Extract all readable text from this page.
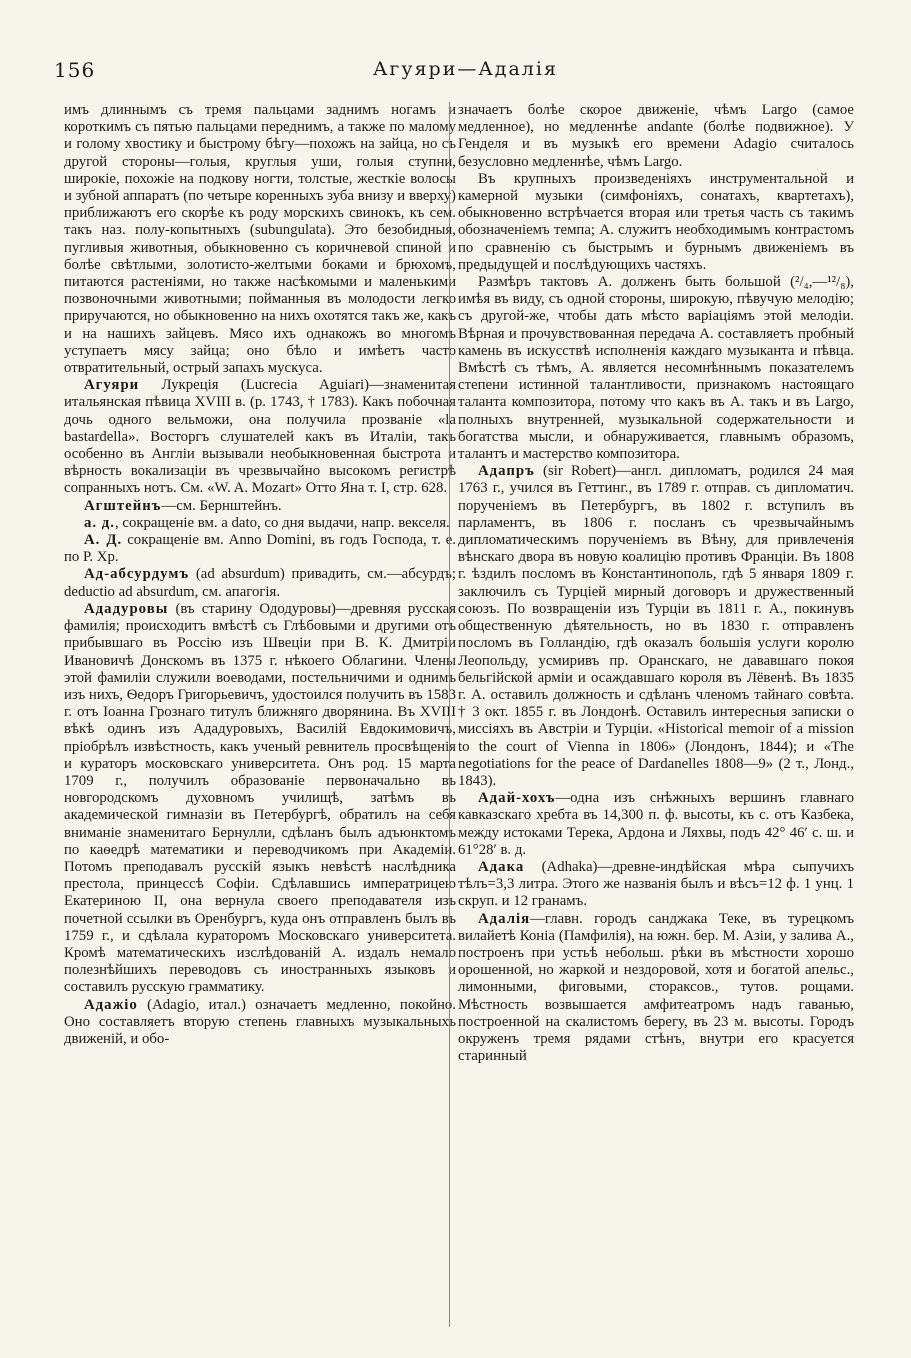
156	Агуяри—Адалія

имъ длиннымъ съ тремя пальцами заднимъ ногамъ и короткимъ съ пятью пальцами переднимъ, а также по малому и голому хвостику и быстрому бѣгу—похожъ на зайца, но съ другой стороны—голыя, круглыя уши, голыя ступни, широкіе, похожіе на подкову ногти, толстые, жесткіе волосы и зубной аппаратъ (по четыре коренныхъ зуба внизу и вверху) приближаютъ его скорѣе къ роду морскихъ свинокъ, къ сем. такъ наз. полу-копытныхъ (subungulata). Это безобидныя, пугливыя животныя, обыкновенно съ коричневой спиной и болѣе свѣтлыми, золотисто-желтыми боками и брюхомъ, питаются растеніями, но также насѣкомыми и маленькими позвоночными животными; пойманныя въ молодости легко приручаются, но обыкновенно на нихъ охотятся такъ же, какъ и на нашихъ зайцевъ. Мясо ихъ однакожъ во многомъ уступаетъ мясу зайца; оно бѣло и имѣетъ часто отвратительный, острый запахъ мускуса.

Агуяри Лукреція (Lucrecia Aguiari)—знаменитая итальянская пѣвица XVIII в. (р. 1743, † 1783). Какъ побочная дочь одного вельможи, она получила прозваніе «la bastardella». Восторгъ слушателей какъ въ Италіи, такъ особенно въ Англіи вызывали необыкновенная быстрота и вѣрность вокализаціи въ чрезвычайно высокомъ регистрѣ сопранныхъ нотъ. См. «W. A. Mozart» Отто Яна т. I, стр. 628.

Агштейнъ—см. Бернштейнъ.

a. д., сокращеніе вм. a dato, со дня выдачи, напр. векселя.

А. Д. сокращеніе вм. Anno Domini, въ годъ Господа, т. е. по Р. Хр.

Ад-абсурдумъ (ad absurdum) привадить, см.—абсурдъ; deductio ad absurdum, см. апагогія.

Ададуровы (въ старину Ододуровы)—древняя русская фамилія; происходитъ вмѣстѣ съ Глѣбовыми и другими отъ прибывшаго въ Россію изъ Швеціи при В. К. Дмитріи Ивановичѣ Донскомъ въ 1375 г. нѣкоего Облагини. Члены этой фамиліи служили воеводами, постельничими и однимъ изъ нихъ, Ѳедоръ Григорьевичъ, удостоился получить въ 1583 г. отъ Іоанна Грознаго титулъ ближняго дворянина. Въ XVIII вѣкѣ одинъ изъ Ададуровыхъ, Василій Евдокимовичъ, пріобрѣлъ извѣстность, какъ ученый ревнитель просвѣщенія и кураторъ московскаго университета. Онъ род. 15 марта 1709 г., получилъ образованіе первоначально въ новгородскомъ духовномъ училищѣ, затѣмъ въ академической гимназіи въ Петербургѣ, обратилъ на себя вниманіе знаменитаго Бернулли, сдѣланъ былъ адъюнктомъ по каѳедрѣ математики и переводчикомъ при Академіи. Потомъ преподавалъ русскій языкъ невѣстѣ наслѣдника престола, принцессѣ Софіи. Сдѣлавшись императрицею Екатериною II, она вернула своего преподавателя изъ почетной ссылки въ Оренбургъ, куда онъ отправленъ былъ въ 1759 г., и сдѣлала кураторомъ Московскаго университета. Кромѣ математическихъ изслѣдованій А. издалъ немало полезнѣйшихъ переводовъ съ иностранныхъ языковъ и составилъ русскую грамматику.

Адажіо (Adagio, итал.) означаетъ медленно, покойно. Оно составляетъ вторую степень главныхъ музыкальныхъ движеній, и обо-

значаетъ болѣе скорое движеніе, чѣмъ Largo (самое медленное), но медленнѣе andante (болѣе подвижное). У Генделя и въ музыкѣ его времени Adagio считалось безусловно медленнѣе, чѣмъ Largo.

Въ крупныхъ произведеніяхъ инструментальной и камерной музыки (симфоніяхъ, сонатахъ, квартетахъ), обыкновенно встрѣчается вторая или третья часть съ такимъ обозначеніемъ темпа; А. служитъ необходимымъ контрастомъ по сравненію съ быстрымъ и бурнымъ движеніемъ въ предыдущей и послѣдующихъ частяхъ.

Размѣръ тактовъ А. долженъ быть большой (²/₄,—¹²/₈), имѣя въ виду, съ одной стороны, широкую, пѣвучую мелодію; съ другой-же, чтобы дать мѣсто варіаціямъ этой мелодіи. Вѣрная и прочувствованная передача А. составляетъ пробный камень въ искусствѣ исполненія каждаго музыканта и пѣвца. Вмѣстѣ съ тѣмъ, А. является несомнѣннымъ показателемъ степени истинной талантливости, признакомъ настоящаго таланта композитора, потому что какъ въ А. такъ и въ Largo, полныхъ внутренней, музыкальной содержательности и богатства мысли, и обнаруживается, главнымъ образомъ, талантъ и мастерство композитора.

Адапръ (sir Robert)—англ. дипломатъ, родился 24 мая 1763 г., учился въ Геттинг., въ 1789 г. отправ. съ дипломатич. порученіемъ въ Петербургъ, въ 1802 г. вступилъ въ парламентъ, въ 1806 г. посланъ съ чрезвычайнымъ дипломатическимъ порученіемъ въ Вѣну, для привлеченія вѣнскаго двора въ новую коалицію противъ Франціи. Въ 1808 г. ѣздилъ посломъ въ Константинополь, гдѣ 5 января 1809 г. заключилъ съ Турціей мирный договоръ и дружественный союзъ. По возвращеніи изъ Турціи въ 1811 г. А., покинувъ общественную дѣятельность, но въ 1830 г. отправленъ посломъ въ Голландію, гдѣ оказалъ большія услуги королю Леопольду, усмиривъ пр. Оранскаго, не дававшаго покоя бельгійской арміи и осаждавшаго короля въ Лёвенѣ. Въ 1835 г. А. оставилъ должность и сдѣланъ членомъ тайнаго совѣта. † 3 окт. 1855 г. въ Лондонѣ. Оставилъ интересныя записки о миссіяхъ въ Австріи и Турціи. «Historical memoir of a mission to the court of Vienna in 1806» (Лондонъ, 1844); и «The negotiations for the peace of Dardanelles 1808—9» (2 т., Лонд., 1843).

Адай-хохъ—одна изъ снѣжныхъ вершинъ главнаго кавказскаго хребта въ 14,300 п. ф. высоты, къ с. отъ Казбека, между истоками Терека, Ардона и Ляхвы, подъ 42° 46′ с. ш. и 61°28′ в. д.

Адака (Adhaka)—древне-индѣйская мѣра сыпучихъ тѣлъ=3,3 литра. Этого же названія былъ и вѣсъ=12 ф. 1 унц. 1 скруп. и 12 гранамъ.

Адалія—главн. городъ санджака Теке, въ турецкомъ вилайетѣ Коніа (Памфилія), на южн. бер. М. Азіи, у залива А., построенъ при устьѣ небольш. рѣки въ мѣстности хорошо орошенной, но жаркой и нездоровой, хотя и богатой апельс., лимонными, фиговыми, стораксов., тутов. рощами. Мѣстность возвышается амфитеатромъ надъ гаванью, построенной на скалистомъ берегу, въ 23 м. высоты. Городъ окруженъ тремя рядами стѣнъ, внутри его красуется старинный
